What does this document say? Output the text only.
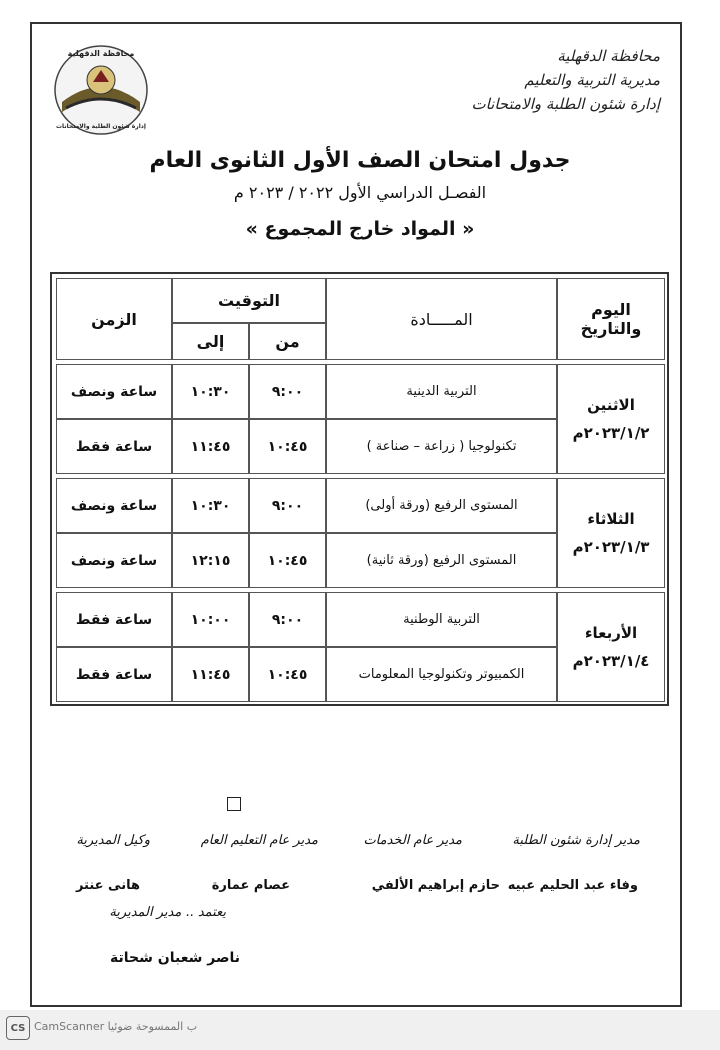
محافظة الدقهلية
إدارة شئون الطلبة والامتحانات
محافظة الدقهلية
مديرية التربية والتعليم
إدارة شئون الطلبة والامتحانات
جدول امتحان الصف الأول الثانوى العام
الفصـل الدراسي الأول ٢٠٢٢ / ٢٠٢٣ م
« المواد خارج المجموع »
اليوم والتاريخ
المـــــادة
التوقيت
من
إلى
الزمن
الاثنين
٢٠٢٣/١/٢م
التربية الدينية
٩:٠٠
١٠:٣٠
ساعة ونصف
تكنولوجيا ( زراعة – صناعة )
١٠:٤٥
١١:٤٥
ساعة فقط
الثلاثاء
٢٠٢٣/١/٣م
المستوى الرفيع (ورقة أولى)
٩:٠٠
١٠:٣٠
ساعة ونصف
المستوى الرفيع (ورقة ثانية)
١٠:٤٥
١٢:١٥
ساعة ونصف
الأربعاء
٢٠٢٣/١/٤م
التربية الوطنية
٩:٠٠
١٠:٠٠
ساعة فقط
الكمبيوتر وتكنولوجيا المعلومات
١٠:٤٥
١١:٤٥
ساعة فقط
مدير إدارة شئون الطلبة
مدير عام الخدمات
مدير عام التعليم العام
وكيل المديرية
وفاء عبد الحليم عبيه
حازم إبراهيم الألفي
عصام عمارة
هانى عنتر
يعتمد .. مدير المديرية
ناصر شعبان شحاتة
CS CamScanner ب الممسوحة ضوئيا
